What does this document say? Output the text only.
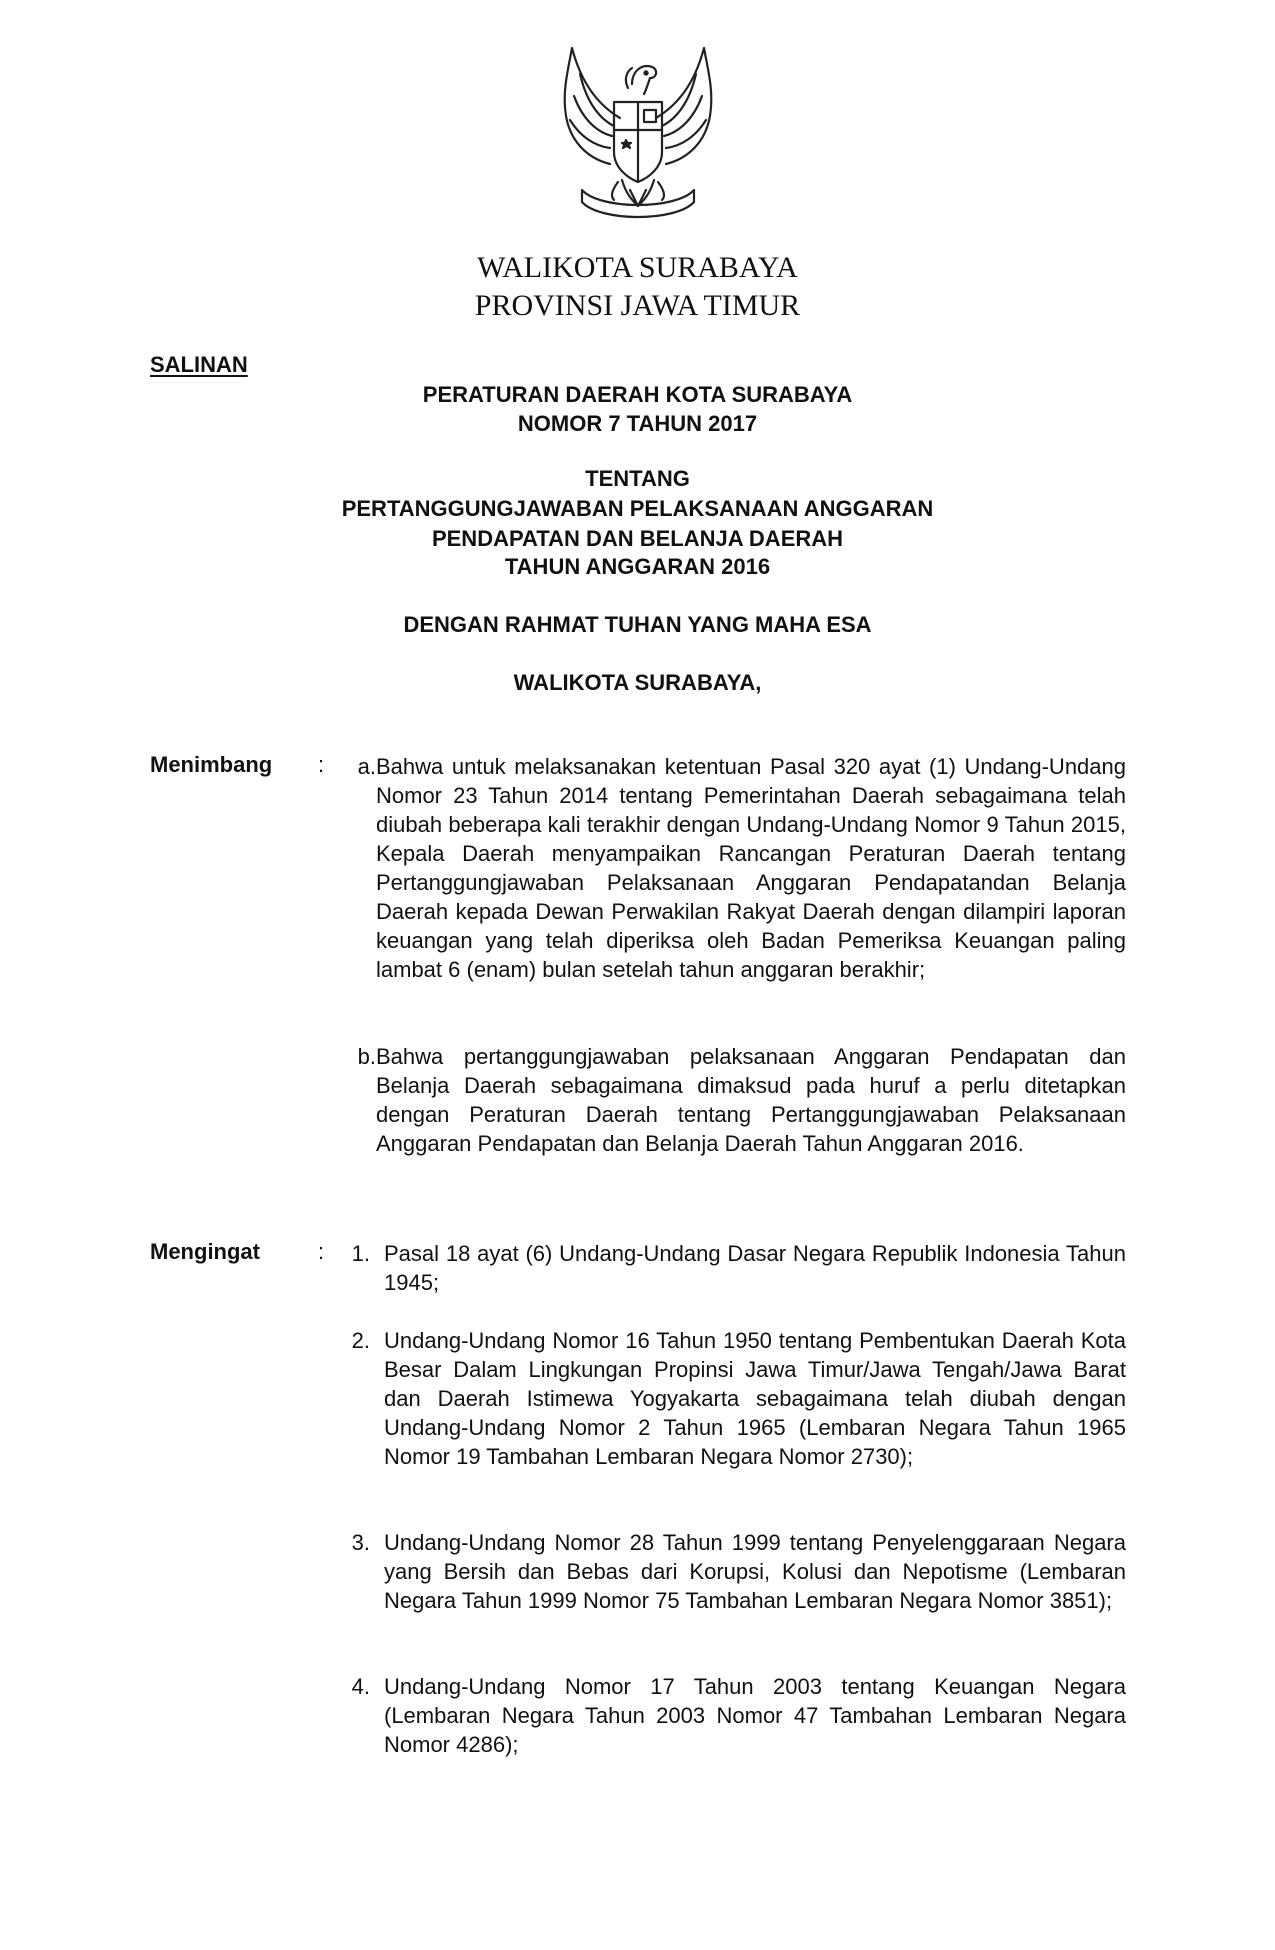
WALIKOTA SURABAYA
PROVINSI JAWA TIMUR
SALINAN
PERATURAN DAERAH KOTA SURABAYA
NOMOR 7 TAHUN 2017
TENTANG
PERTANGGUNGJAWABAN PELAKSANAAN ANGGARAN
PENDAPATAN DAN BELANJA DAERAH
TAHUN ANGGARAN 2016
DENGAN RAHMAT TUHAN YANG MAHA ESA
WALIKOTA SURABAYA,
Menimbang :	a. Bahwa untuk melaksanakan ketentuan Pasal 320 ayat (1) Undang-Undang Nomor 23 Tahun 2014 tentang Pemerintahan Daerah sebagaimana telah diubah beberapa kali terakhir dengan Undang-Undang Nomor 9 Tahun 2015, Kepala Daerah menyampaikan Rancangan Peraturan Daerah tentang Pertanggungjawaban Pelaksanaan Anggaran Pendapatandan Belanja Daerah kepada Dewan Perwakilan Rakyat Daerah dengan dilampiri laporan keuangan yang telah diperiksa oleh Badan Pemeriksa Keuangan paling lambat 6 (enam) bulan setelah tahun anggaran berakhir;
b. Bahwa pertanggungjawaban pelaksanaan Anggaran Pendapatan dan Belanja Daerah sebagaimana dimaksud pada huruf a perlu ditetapkan dengan Peraturan Daerah tentang Pertanggungjawaban Pelaksanaan Anggaran Pendapatan dan Belanja Daerah Tahun Anggaran 2016.
Mengingat	:	1. Pasal 18 ayat (6) Undang-Undang Dasar Negara Republik Indonesia Tahun 1945;
2. Undang-Undang Nomor 16 Tahun 1950 tentang Pembentukan Daerah Kota Besar Dalam Lingkungan Propinsi Jawa Timur/Jawa Tengah/Jawa Barat dan Daerah Istimewa Yogyakarta sebagaimana telah diubah dengan Undang-Undang Nomor 2 Tahun 1965 (Lembaran Negara Tahun 1965 Nomor 19 Tambahan Lembaran Negara Nomor 2730);
3. Undang-Undang Nomor 28 Tahun 1999 tentang Penyelenggaraan Negara yang Bersih dan Bebas dari Korupsi, Kolusi dan Nepotisme (Lembaran Negara Tahun 1999 Nomor 75 Tambahan Lembaran Negara Nomor 3851);
4. Undang-Undang Nomor 17 Tahun 2003 tentang Keuangan Negara (Lembaran Negara Tahun 2003 Nomor 47 Tambahan Lembaran Negara Nomor 4286);
